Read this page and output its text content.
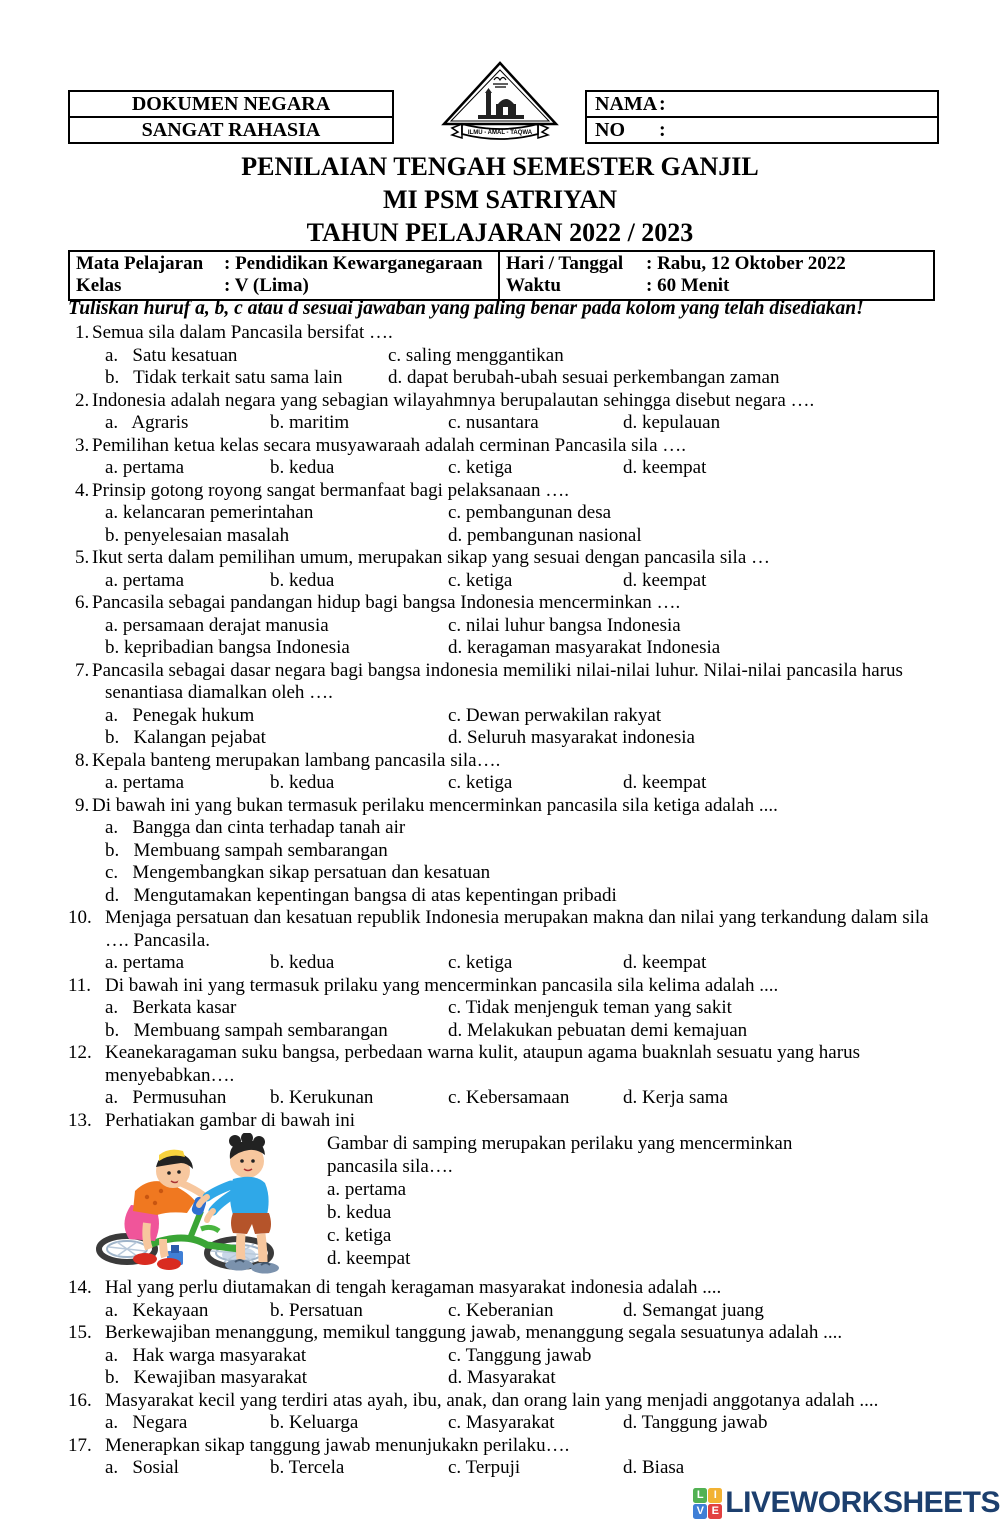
DOKUMEN NEGARA
SANGAT RAHASIA	ILMU - AMAL - TAQWA
NAMA :
NO	:
PENILAIAN TENGAH SEMESTER GANJIL
MI PSM SATRIYAN
TAHUN PELAJARAN 2022 / 2023
Mata Pelajaran	: Pendidikan Kewarganegaraan
Kelas	: V (Lima)
Hari / Tanggal	: Rabu, 12 Oktober 2022
Waktu	: 60 Menit
Tuliskan huruf a, b, c atau d sesuai jawaban yang paling benar pada kolom yang telah disediakan!
1. Semua sila dalam Pancasila bersifat ….
a.   Satu kesatuan	c. saling menggantikan
b.   Tidak terkait satu sama lain	d. dapat berubah-ubah sesuai perkembangan zaman
2. Indonesia adalah negara yang sebagian wilayahmnya berupalautan sehingga disebut negara ….
a.   Agraris	b. maritim	c. nusantara	d. kepulauan
3. Pemilihan ketua kelas secara musyawaraah adalah cerminan Pancasila sila ….
a. pertama	b. kedua	c. ketiga	d. keempat
4. Prinsip gotong royong sangat bermanfaat bagi pelaksanaan ….
a. kelancaran pemerintahan	c. pembangunan desa
b. penyelesaian masalah	d. pembangunan nasional
5. Ikut serta dalam pemilihan umum, merupakan sikap yang sesuai dengan pancasila sila …
a. pertama	b. kedua	c. ketiga	d. keempat
6. Pancasila sebagai pandangan hidup bagi bangsa Indonesia mencerminkan ….
a. persamaan derajat manusia	c. nilai luhur bangsa Indonesia
b. kepribadian bangsa Indonesia	d. keragaman masyarakat Indonesia
7. Pancasila sebagai dasar negara bagi bangsa indonesia memiliki nilai-nilai luhur. Nilai-nilai pancasila harus senantiasa diamalkan oleh ….
a.   Penegak hukum	c. Dewan perwakilan rakyat
b.   Kalangan pejabat	d. Seluruh masyarakat indonesia
8. Kepala banteng merupakan lambang pancasila sila….
a. pertama	b. kedua	c. ketiga	d. keempat
9. Di bawah ini yang bukan termasuk perilaku mencerminkan pancasila sila ketiga adalah ....
a.   Bangga dan cinta terhadap tanah air
b.   Membuang sampah sembarangan
c.   Mengembangkan sikap persatuan dan kesatuan
d.   Mengutamakan kepentingan bangsa di atas kepentingan pribadi
10. Menjaga persatuan dan kesatuan republik Indonesia merupakan makna dan nilai yang terkandung dalam sila …. Pancasila.
a. pertama	b. kedua	c. ketiga	d. keempat
11. Di bawah ini yang termasuk prilaku yang mencerminkan pancasila sila kelima adalah ....
a.   Berkata kasar	c. Tidak menjenguk teman yang sakit
b.   Membuang sampah sembarangan	d. Melakukan pebuatan demi kemajuan
12. Keanekaragaman suku bangsa, perbedaan warna kulit, ataupun agama buaknlah sesuatu yang harus menyebabkan….
a.   Permusuhan	b. Kerukunan	c. Kebersamaan	d. Kerja sama
13. Perhatiakan gambar di bawah ini
Gambar di samping merupakan perilaku yang mencerminkan
pancasila sila….
a. pertama
b. kedua
c. ketiga
d. keempat
14. Hal yang perlu diutamakan di tengah keragaman masyarakat indonesia adalah ....
a.   Kekayaan	b. Persatuan	c. Keberanian	d. Semangat juang
15. Berkewajiban menanggung, memikul tanggung jawab, menanggung segala sesuatunya adalah ....
a.   Hak warga masyarakat	c. Tanggung jawab
b.   Kewajiban masyarakat	d. Masyarakat
16. Masyarakat kecil yang terdiri atas ayah, ibu, anak, dan orang lain yang menjadi anggotanya adalah ....
a.   Negara	b. Keluarga	c. Masyarakat	d. Tanggung jawab
17. Menerapkan sikap tanggung jawab menunjukakn perilaku….
a.   Sosial	b. Tercela	c. Terpuji	d. Biasa
L I
V E LIVEWORKSHEETS
